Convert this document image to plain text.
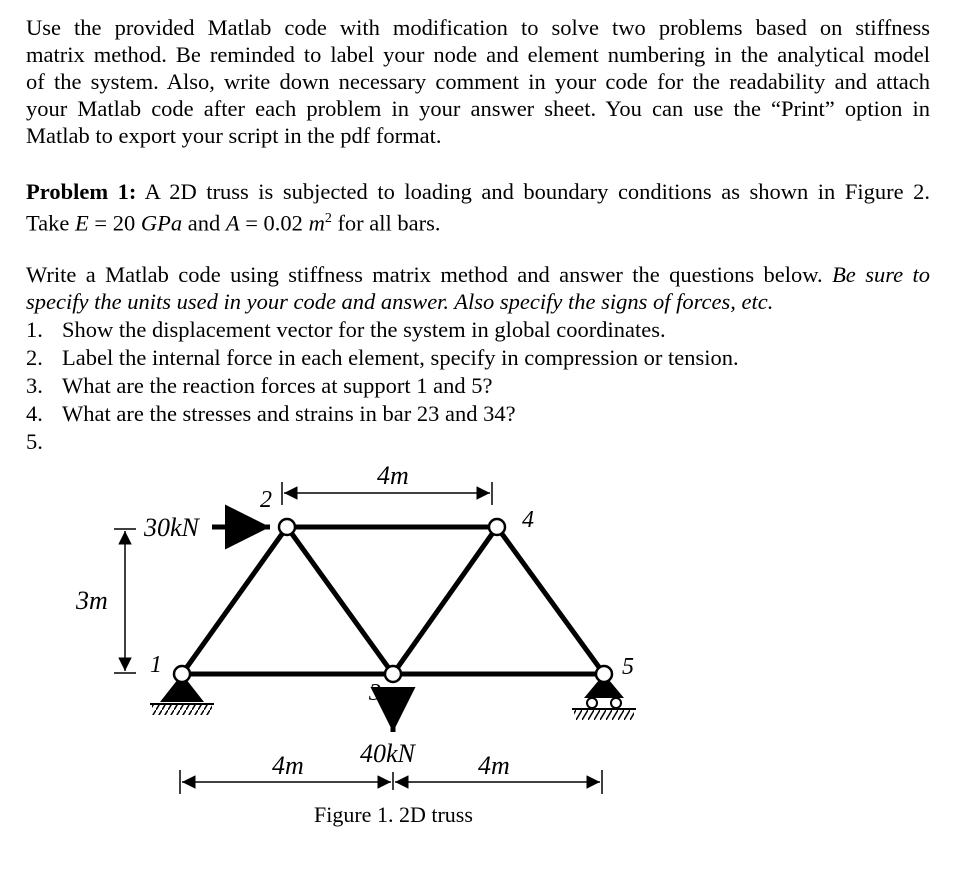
Use the provided Matlab code with modification to solve two problems based on stiffness
matrix method. Be reminded to label your node and element numbering in the analytical model
of the system. Also, write down necessary comment in your code for the readability and attach
your Matlab code after each problem in your answer sheet. You can use the “Print” option in
Matlab to export your script in the pdf format.
Problem 1: A 2D truss is subjected to loading and boundary conditions as shown in Figure 2.
Take E = 20 GPa and A = 0.02 $m^2$ for all bars.
Write a Matlab code using stiffness matrix method and answer the questions below. Be sure to
specify the units used in your code and answer. Also specify the signs of forces, etc.
1. Show the displacement vector for the system in global coordinates.
2. Label the internal force in each element, specify in compression or tension.
3. What are the reaction forces at support 1 and 5?
4. What are the stresses and strains in bar 23 and 34?
5.
1
2
3
4
5
4m
3m
30kN
40kN
4m	4m
Figure 1. 2D truss
